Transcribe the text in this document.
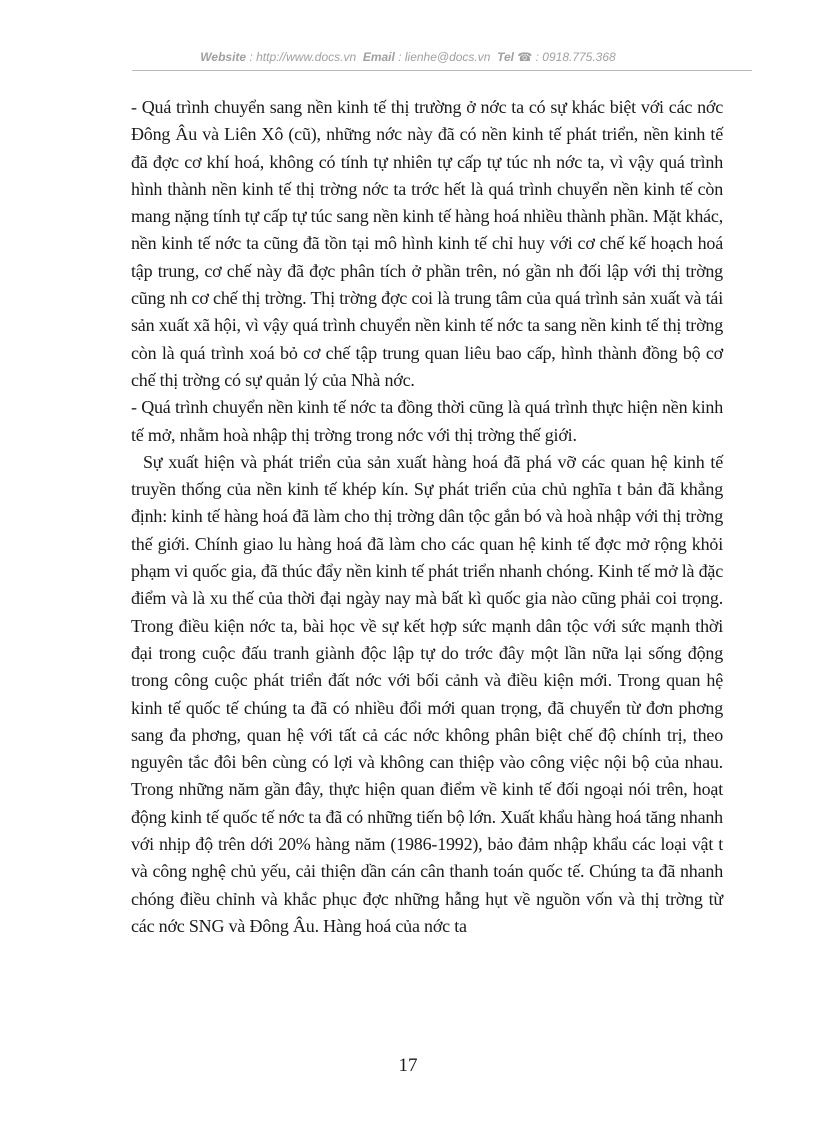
Website : http://www.docs.vn Email : lienhe@docs.vn Tel ☎ : 0918.775.368

- Quá trình chuyển sang nền kinh tế thị trường ở nớc ta có sự khác biệt với các nớc Đông Âu và Liên Xô (cũ), những nớc này đã có nền kinh tế phát triển, nền kinh tế đã đợc cơ khí hoá, không có tính tự nhiên tự cấp tự túc nh nớc ta, vì vậy quá trình hình thành nền kinh tế thị trờng nớc ta trớc hết là quá trình chuyển nền kinh tế còn mang nặng tính tự cấp tự túc sang nền kinh tế hàng hoá nhiều thành phần. Mặt khác, nền kinh tế nớc ta cũng đã tồn tại mô hình kinh tế chỉ huy với cơ chế kế hoạch hoá tập trung, cơ chế này đã đợc phân tích ở phần trên, nó gần nh đối lập với thị trờng cũng nh cơ chế thị trờng. Thị trờng đợc coi là trung tâm của quá trình sản xuất và tái sản xuất xã hội, vì vậy quá trình chuyển nền kinh tế nớc ta sang nền kinh tế thị trờng còn là quá trình xoá bỏ cơ chế tập trung quan liêu bao cấp, hình thành đồng bộ cơ chế thị trờng có sự quản lý của Nhà nớc.

- Quá trình chuyển nền kinh tế nớc ta đồng thời cũng là quá trình thực hiện nền kinh tế mở, nhằm hoà nhập thị trờng trong nớc với thị trờng thế giới.

Sự xuất hiện và phát triển của sản xuất hàng hoá đã phá vỡ các quan hệ kinh tế truyền thống của nền kinh tế khép kín. Sự phát triển của chủ nghĩa t bản đã khẳng định: kinh tế hàng hoá đã làm cho thị trờng dân tộc gắn bó và hoà nhập với thị trờng thế giới. Chính giao lu hàng hoá đã làm cho các quan hệ kinh tế đợc mở rộng khỏi phạm vi quốc gia, đã thúc đẩy nền kinh tế phát triển nhanh chóng. Kinh tế mở là đặc điểm và là xu thế của thời đại ngày nay mà bất kì quốc gia nào cũng phải coi trọng. Trong điều kiện nớc ta, bài học về sự kết hợp sức mạnh dân tộc với sức mạnh thời đại trong cuộc đấu tranh giành độc lập tự do trớc đây một lần nữa lại sống động trong công cuộc phát triển đất nớc với bối cảnh và điều kiện mới. Trong quan hệ kinh tế quốc tế chúng ta đã có nhiều đổi mới quan trọng, đã chuyển từ đơn phơng sang đa phơng, quan hệ với tất cả các nớc không phân biệt chế độ chính trị, theo nguyên tắc đôi bên cùng có lợi và không can thiệp vào công việc nội bộ của nhau. Trong những năm gần đây, thực hiện quan điểm về kinh tế đối ngoại nói trên, hoạt động kinh tế quốc tế nớc ta đã có những tiến bộ lớn. Xuất khẩu hàng hoá tăng nhanh với nhịp độ trên dới 20% hàng năm (1986-1992), bảo đảm nhập khẩu các loại vật t và công nghệ chủ yếu, cải thiện dần cán cân thanh toán quốc tế. Chúng ta đã nhanh chóng điều chỉnh và khắc phục đợc những hẫng hụt về nguồn vốn và thị trờng từ các nớc SNG và Đông Âu. Hàng hoá của nớc ta

17
